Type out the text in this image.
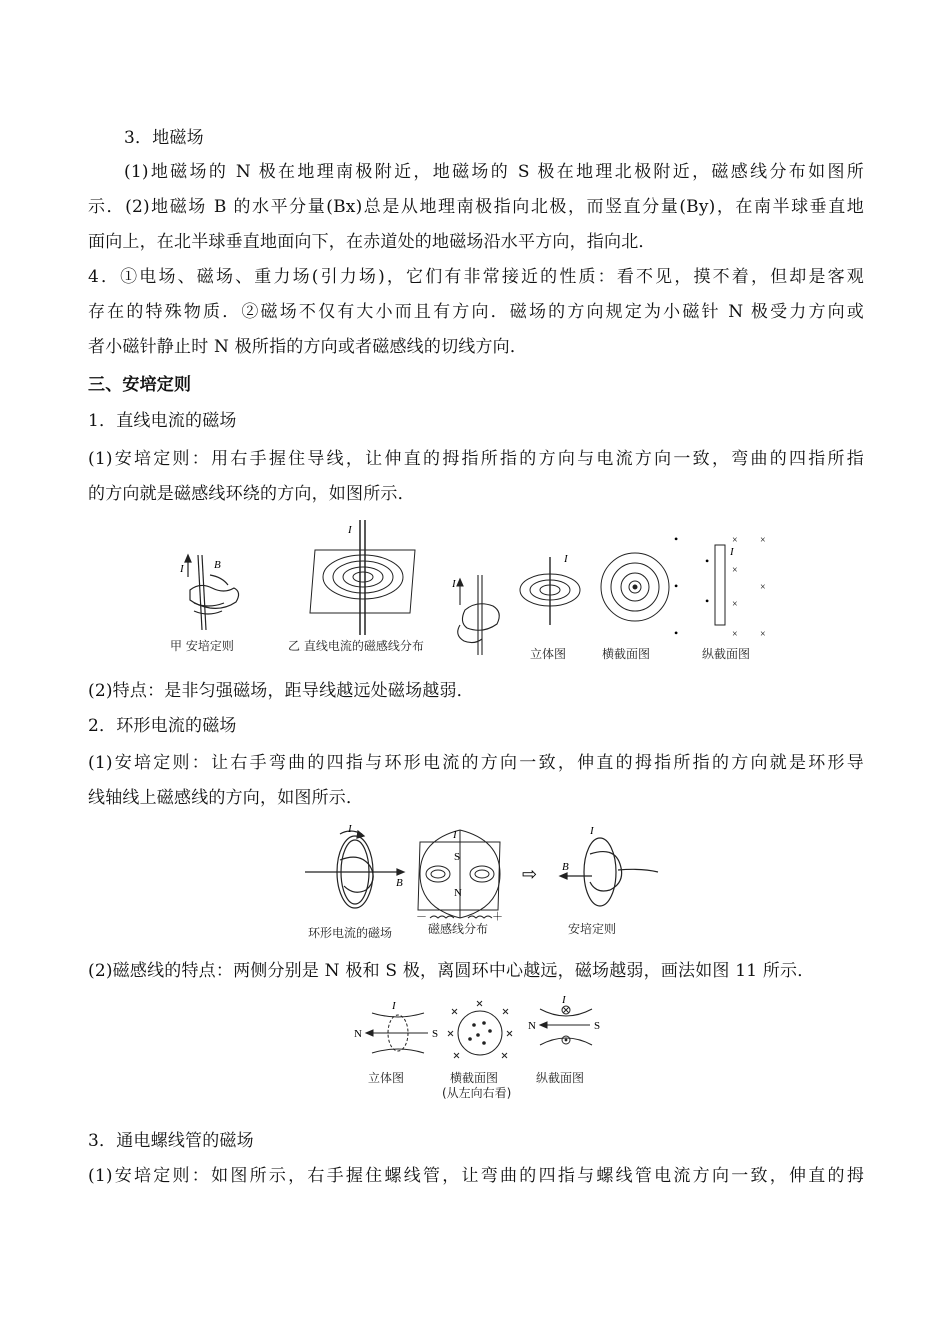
3．地磁场
(1)地磁场的 N 极在地理南极附近，地磁场的 S 极在地理北极附近，磁感线分布如图所
示．(2)地磁场 B 的水平分量(Bx)总是从地理南极指向北极，而竖直分量(By)，在南半球垂直地
面向上，在北半球垂直地面向下，在赤道处的地磁场沿水平方向，指向北．
4．①电场、磁场、重力场(引力场)，它们有非常接近的性质：看不见，摸不着，但却是客观
存在的特殊物质．②磁场不仅有大小而且有方向．磁场的方向规定为小磁针 N 极受力方向或
者小磁针静止时 N 极所指的方向或者磁感线的切线方向．
三、安培定则
1．直线电流的磁场
(1)安培定则：用右手握住导线，让伸直的拇指所指的方向与电流方向一致，弯曲的四指所指
的方向就是磁感线环绕的方向，如图所示．
I	B
I
I
I
•
•
•
•
•
×
×
×
×
×
×
×
I
甲 安培定则	乙 直线电流的磁感线分布
立体图	横截面图	纵截面图
(2)特点：是非匀强磁场，距导线越远处磁场越弱．
2．环形电流的磁场
(1)安培定则：让右手弯曲的四指与环形电流的方向一致，伸直的拇指所指的方向就是环形导
线轴线上磁感线的方向，如图所示．
I
B
I
S
N
－	＋
⇨
I
B
环形电流的磁场	磁感线分布	安培定则
(2)磁感线的特点：两侧分别是 N 极和 S 极，离圆环中心越远，磁场越弱，画法如图 11 所示．
I
N	S
I
N	S
立体图	横截面图
(从左向右看)
纵截面图
3．通电螺线管的磁场
(1)安培定则：如图所示，右手握住螺线管，让弯曲的四指与螺线管电流方向一致，伸直的拇
